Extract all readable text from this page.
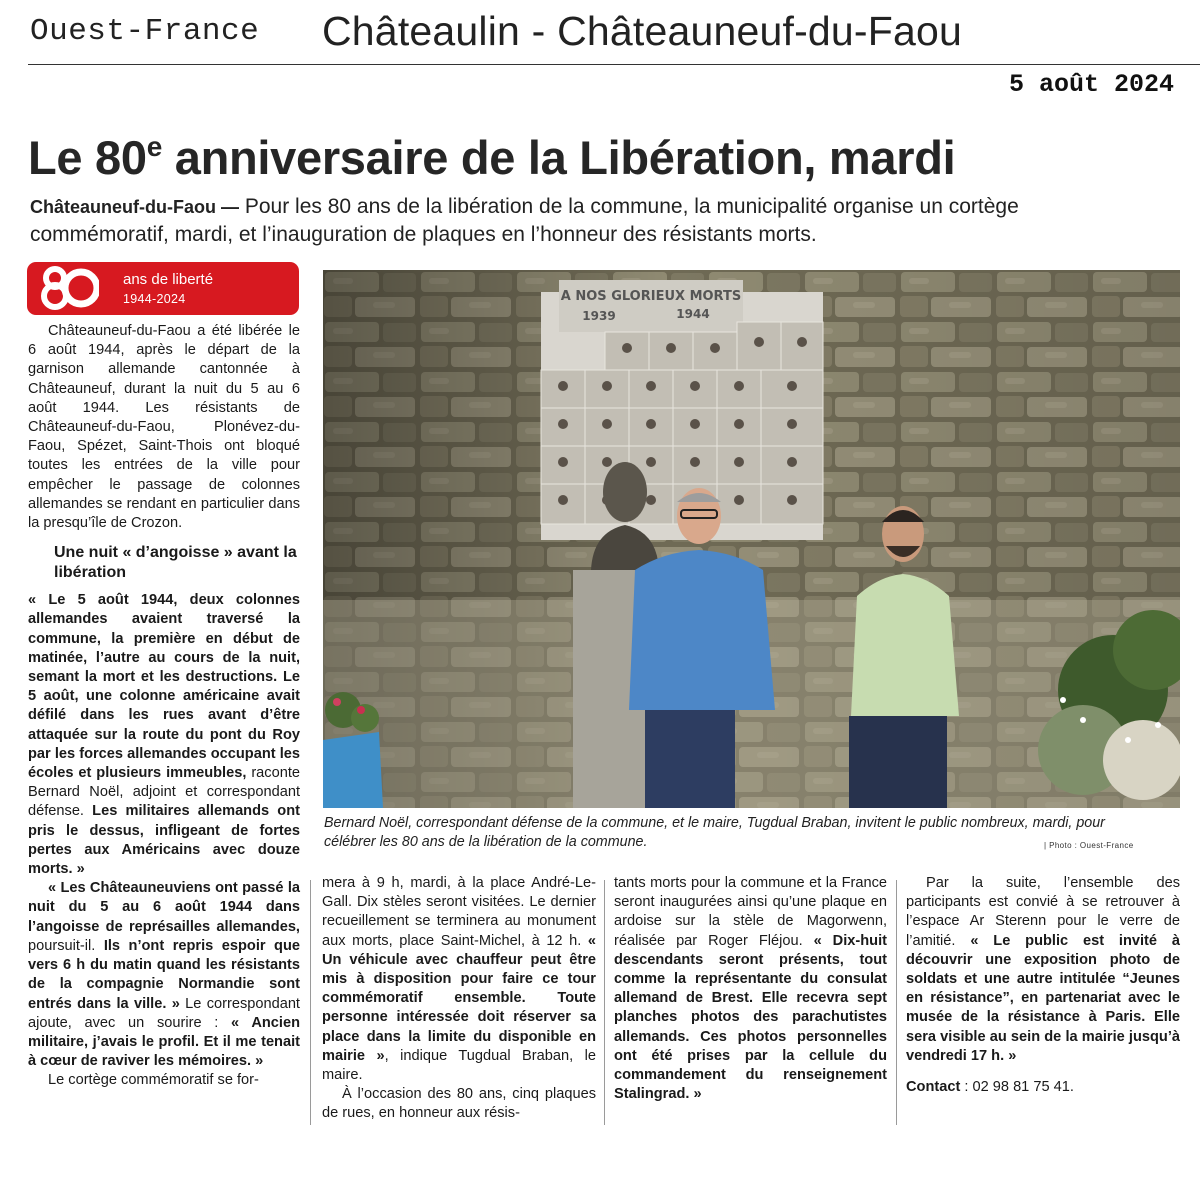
Ouest-France Châteaulin - Châteauneuf-du-Faou
5 août 2024
Le 80e anniversaire de la Libération, mardi
Châteauneuf-du-Faou — Pour les 80 ans de la libération de la commune, la municipalité organise un cortège commémoratif, mardi, et l’inauguration de plaques en l’honneur des résistants morts.
ans de liberté
1944-2024

Châteauneuf-du-Faou a été libérée le 6 août 1944, après le départ de la garnison allemande cantonnée à Châteauneuf, durant la nuit du 5 au 6 août 1944. Les résistants de Châteauneuf-du-Faou, Plonévez-du-Faou, Spézet, Saint-Thois ont bloqué toutes les entrées de la ville pour empêcher le passage de colonnes allemandes se rendant en particulier dans la presqu’île de Crozon.

Une nuit « d’angoisse » avant la libération

« Le 5 août 1944, deux colonnes allemandes avaient traversé la commune, la première en début de matinée, l’autre au cours de la nuit, semant la mort et les destructions. Le 5 août, une colonne américaine avait défilé dans les rues avant d’être attaquée sur la route du pont du Roy par les forces allemandes occupant les écoles et plusieurs immeubles, raconte Bernard Noël, adjoint et correspondant défense. Les militaires allemands ont pris le dessus, infligeant de fortes pertes aux Américains avec douze morts. »

« Les Châteauneuviens ont passé la nuit du 5 au 6 août 1944 dans l’angoisse de représailles allemandes, poursuit-il. Ils n’ont repris espoir que vers 6 h du matin quand les résistants de la compagnie Normandie sont entrés dans la ville. » Le correspondant ajoute, avec un sourire : « Ancien militaire, j’avais le profil. Et il me tenait à cœur de raviver les mémoires. »

Le cortège commémoratif se for-

mera à 9 h, mardi, à la place André-Le-Gall. Dix stèles seront visitées. Le dernier recueillement se terminera au monument aux morts, place Saint-Michel, à 12 h. « Un véhicule avec chauffeur peut être mis à disposition pour faire ce tour commémoratif ensemble. Toute personne intéressée doit réserver sa place dans la limite du disponible en mairie », indique Tugdual Braban, le maire.

À l’occasion des 80 ans, cinq plaques de rues, en honneur aux résis-

tants morts pour la commune et la France seront inaugurées ainsi qu’une plaque en ardoise sur la stèle de Magorwenn, réalisée par Roger Fléjou. « Dix-huit descendants seront présents, tout comme la représentante du consulat allemand de Brest. Elle recevra sept planches photos des parachutistes allemands. Ces photos personnelles ont été prises par la cellule du commandement du renseignement Stalingrad. »

Par la suite, l’ensemble des participants est convié à se retrouver à l’espace Ar Sterenn pour le verre de l’amitié. « Le public est invité à découvrir une exposition photo de soldats et une autre intitulée “Jeunes en résistance”, en partenariat avec le musée de la résistance à Paris. Elle sera visible au sein de la mairie jusqu’à vendredi 17 h. »

Contact : 02 98 81 75 41.

A NOS GLORIEUX MORTS
1939	1944
Bernard Noël, correspondant défense de la commune, et le maire, Tugdual Braban, invitent le public nombreux, mardi, pour célébrer les 80 ans de la libération de la commune.	| Photo : Ouest-France
